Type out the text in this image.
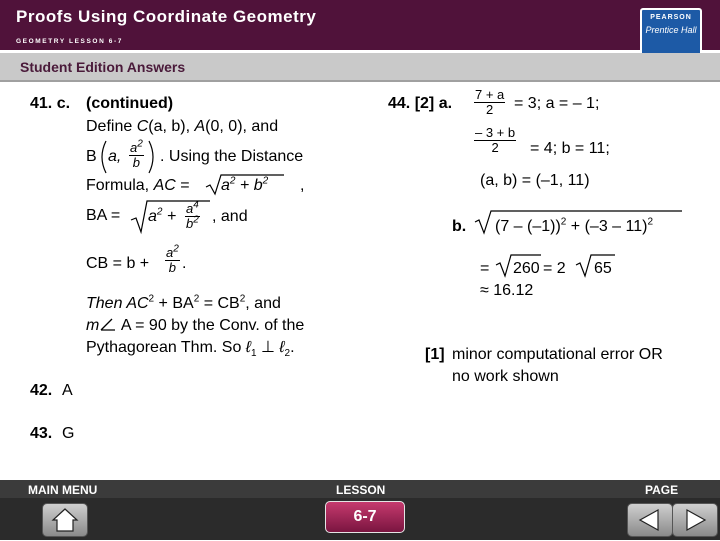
Proofs Using Coordinate Geometry
GEOMETRY LESSON 6-7
PEARSON
Prentice Hall
Student Edition Answers
41. c. (continued)
Define C(a, b), A(0, 0), and
B a, $\frac{a^2}{b}$ . Using the Distance
Formula, AC = $a^2 + b^2$ ,
BA = $a^2 + \frac{a^4}{b^2}$ , and
CB = $b + \frac{a^2}{b}$ .
Then $AC^2 + BA^2 = CB^2$, and
m A = 90 by the Conv. of the
Pythagorean Thm. So ℓ$_1$ ⊥ ℓ$_2$.
42. A
43. G
44. [2] a. $\frac{7 + a}{2} = 3$; a = – 1;
$\frac{- 3 + b}{2} = 4$; b = 11;
(a, b) = (–1, 11)
b. (7 – (–1))$^2$ + (–3 – 11)$^2$
= 260 = 2 65
≈ 16.12
[1] minor computational error OR
no work shown
MAIN MENU	LESSON	PAGE
6-7
